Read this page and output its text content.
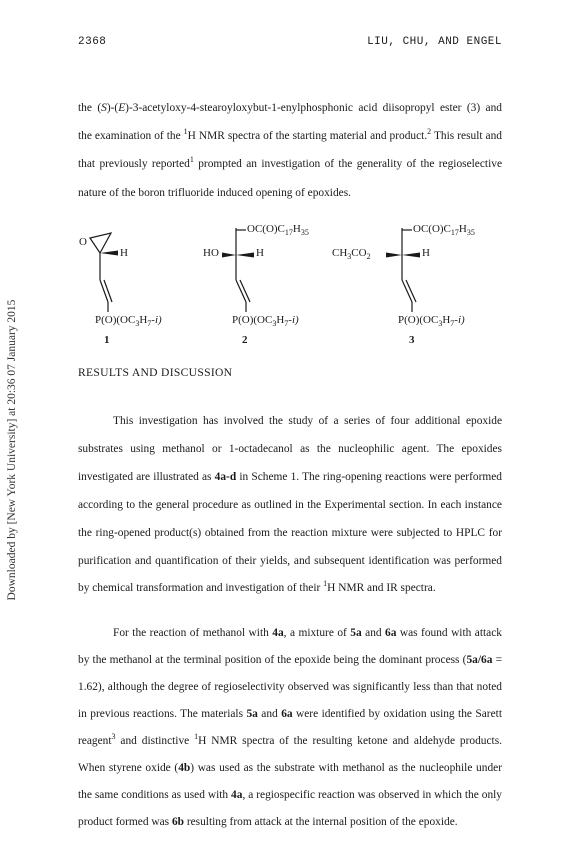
Downloaded by [New York University] at 20:36 07 January 2015
2368	LIU, CHU, AND ENGEL
the (S)-(E)-3-acetyloxy-4-stearoyloxybut-1-enylphosphonic acid diisopropyl ester (3) and the examination of the $^1$H NMR spectra of the starting material and product.$^2$ This result and that previously reported$^1$ prompted an investigation of the generality of the regioselective nature of the boron trifluoride induced opening of epoxides.
O
H
$P(O)(OC_3H_7-i)$
1
$OC(O)C_{17}H_{35}$
HO	H
$P(O)(OC_3H_7-i)$
2
$OC(O)C_{17}H_{35}$
$CH_3CO_2$	H
$P(O)(OC_3H_7-i)$
3
RESULTS AND DISCUSSION
This investigation has involved the study of a series of four additional epoxide substrates using methanol or 1-octadecanol as the nucleophilic agent. The epoxides investigated are illustrated as 4a-d in Scheme 1. The ring-opening reactions were performed according to the general procedure as outlined in the Experimental section. In each instance the ring-opened product(s) obtained from the reaction mixture were subjected to HPLC for purification and quantification of their yields, and subsequent identification was performed by chemical transformation and investigation of their $^1$H NMR and IR spectra.
For the reaction of methanol with 4a, a mixture of 5a and 6a was found with attack by the methanol at the terminal position of the epoxide being the dominant process (5a/6a = 1.62), although the degree of regioselectivity observed was significantly less than that noted in previous reactions. The materials 5a and 6a were identified by oxidation using the Sarett reagent$^3$ and distinctive $^1$H NMR spectra of the resulting ketone and aldehyde products. When styrene oxide (4b) was used as the substrate with methanol as the nucleophile under the same conditions as used with 4a, a regiospecific reaction was observed in which the only product formed was 6b resulting from attack at the internal position of the epoxide.
